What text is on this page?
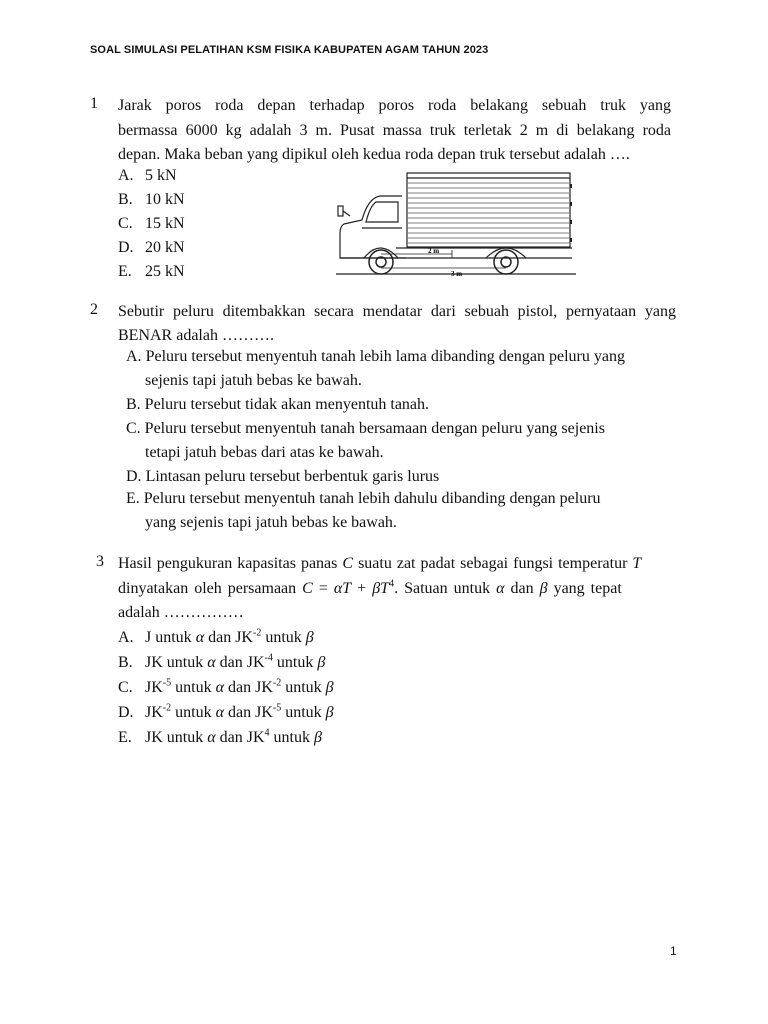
SOAL SIMULASI PELATIHAN KSM FISIKA KABUPATEN AGAM TAHUN 2023
1 Jarak poros roda depan terhadap poros roda belakang sebuah truk yang
bermassa 6000 kg adalah 3 m. Pusat massa truk terletak 2 m di belakang roda
depan. Maka beban yang dipikul oleh kedua roda depan truk tersebut adalah ….
A. 5 kN
B. 10 kN
C. 15 kN
D. 20 kN
E. 25 kN
2 m
3 m
2 Sebutir peluru ditembakkan secara mendatar dari sebuah pistol, pernyataan yang
BENAR adalah ……….
A. Peluru tersebut menyentuh tanah lebih lama dibanding dengan peluru yang
sejenis tapi jatuh bebas ke bawah.
B. Peluru tersebut tidak akan menyentuh tanah.
C. Peluru tersebut menyentuh tanah bersamaan dengan peluru yang sejenis
tetapi jatuh bebas dari atas ke bawah.
D. Lintasan peluru tersebut berbentuk garis lurus
E. Peluru tersebut menyentuh tanah lebih dahulu dibanding dengan peluru
yang sejenis tapi jatuh bebas ke bawah.
3 Hasil pengukuran kapasitas panas C suatu zat padat sebagai fungsi temperatur T
dinyatakan oleh persamaan $C = \alpha T + \beta T^4$. Satuan untuk α dan β yang tepat
adalah ……………
A. J untuk α dan $JK^{-2}$ untuk β
B. JK untuk α dan $JK^{-4}$ untuk β
C. $JK^{-5}$ untuk α dan $JK^{-2}$ untuk β
D. $JK^{-2}$ untuk α dan $JK^{-5}$ untuk β
E. JK untuk α dan $JK^4$ untuk β
1
